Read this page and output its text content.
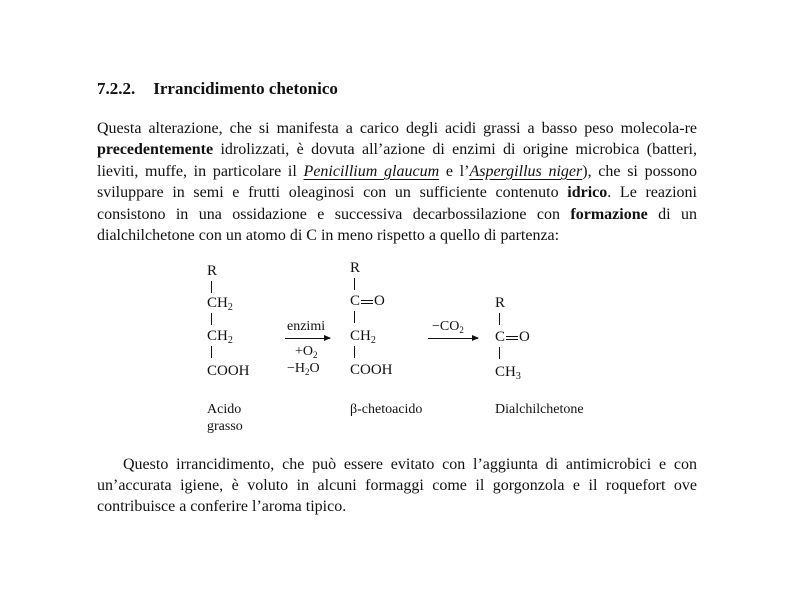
7.2.2. Irrancidimento chetonico
Questa alterazione, che si manifesta a carico degli acidi grassi a basso peso molecola-re precedentemente idrolizzati, è dovuta all’azione di enzimi di origine microbica (batteri, lieviti, muffe, in particolare il Penicillium glaucum e l’Aspergillus niger), che si possono sviluppare in semi e frutti oleaginosi con un sufficiente contenuto idrico. Le reazioni consistono in una ossidazione e successiva decarbossilazione con formazione di un dialchilchetone con un atomo di C in meno rispetto a quello di partenza:
R
$CH_2$
$CH_2$
COOH
Acido
grasso
enzimi
$+O_2$
$-H_2O$
R
C O
$CH_2$
COOH
β-chetoacido
$-CO_2$
R
C O
$CH_3$
Dialchilchetone
Questo irrancidimento, che può essere evitato con l’aggiunta di antimicrobici e con un’accurata igiene, è voluto in alcuni formaggi come il gorgonzola e il roquefort ove contribuisce a conferire l’aroma tipico.
